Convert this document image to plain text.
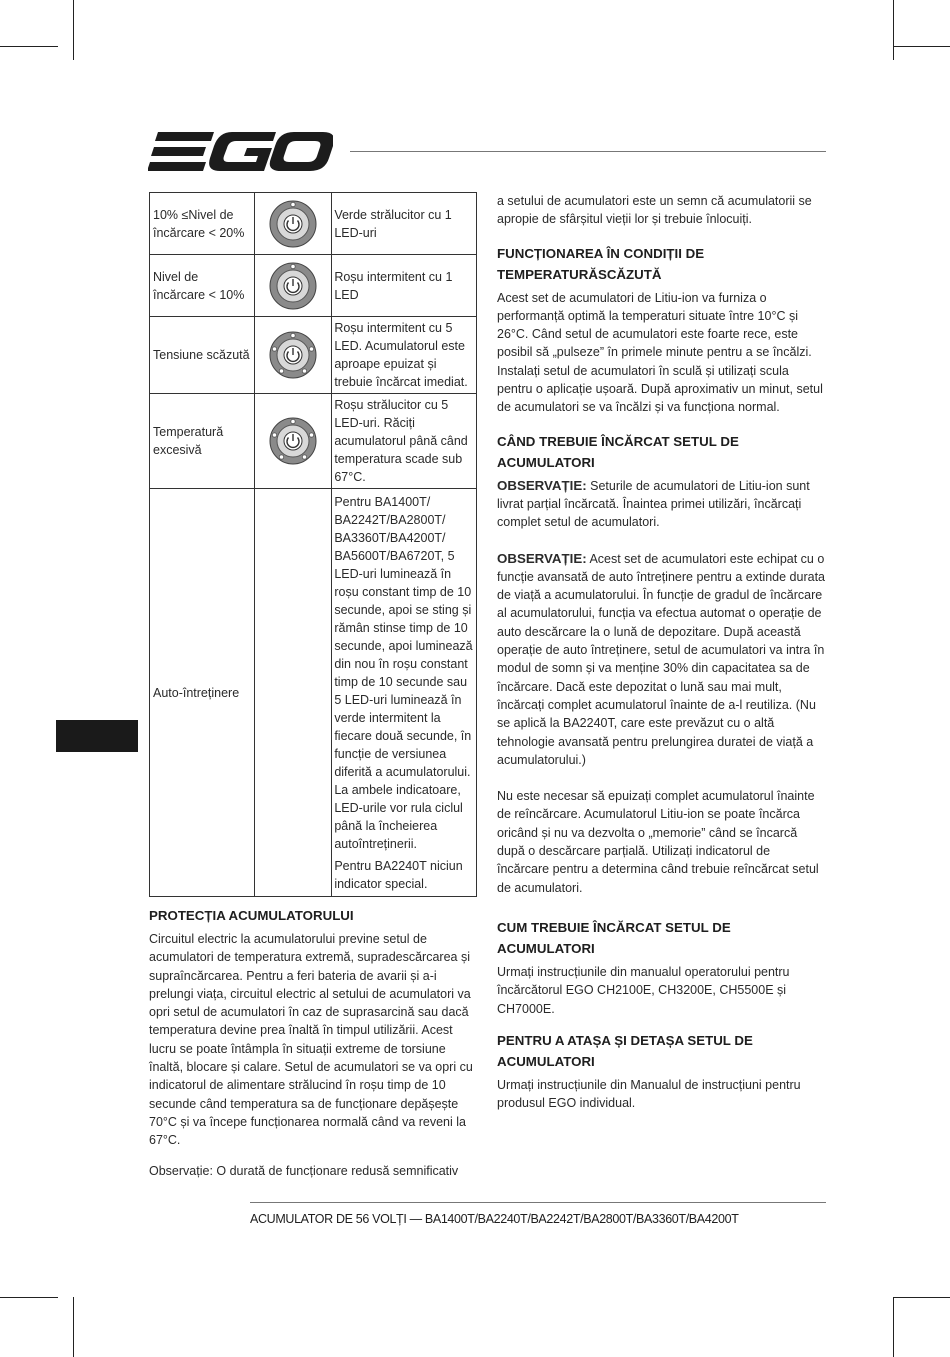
10% ≤Nivel de încărcare < 20%		Verde strălucitor cu 1 LED-uri

Nivel de încărcare < 10%		Roșu intermitent cu 1 LED

Tensiune scăzută		Roșu intermitent cu 5 LED. Acumulatorul este aproape epuizat și trebuie încărcat imediat.

Temperatură excesivă		Roșu strălucitor cu 5 LED-uri. Răciți acumulatorul până când temperatura scade sub 67°C.

Auto-întreținere		Pentru BA1400T/ BA2242T/BA2800T/ BA3360T/BA4200T/ BA5600T/BA6720T, 5 LED-uri luminează în roșu constant timp de 10 secunde, apoi se sting și rămân stinse timp de 10 secunde, apoi luminează din nou în roșu constant timp de 10 secunde sau 5 LED-uri luminează în verde intermitent la fiecare două secunde, în funcție de versiunea diferită a acumulatorului. La ambele indicatoare, LED-urile vor rula ciclul până la încheierea autoîntreținerii.

Pentru BA2240T niciun indicator special.

PROTECȚIA ACUMULATORULUI

Circuitul electric la acumulatorului previne setul de acumulatori de temperatura extremă, supradescărcarea și supraîncărcarea. Pentru a feri bateria de avarii și a-i prelungi viața, circuitul electric al setului de acumulatori va opri setul de acumulatori în caz de suprasarcină sau dacă temperatura devine prea înaltă în timpul utilizării. Acest lucru se poate întâmpla în situații extreme de torsiune înaltă, blocare și calare. Setul de acumulatori se va opri cu indicatorul de alimentare strălucind în roșu timp de 10 secunde când temperatura sa de funcționare depășește 70°C și va începe funcționarea normală când va reveni la 67°C.

Observație: O durată de funcționare redusă semnificativ

a setului de acumulatori este un semn că acumulatorii se apropie de sfârșitul vieții lor și trebuie înlocuiți.

FUNCȚIONAREA ÎN CONDIȚII DE TEMPERATURĂSCĂZUTĂ

Acest set de acumulatori de Litiu-ion va furniza o performanță optimă la temperaturi situate între 10°C și 26°C. Când setul de acumulatori este foarte rece, este posibil să „pulseze” în primele minute pentru a se încălzi. Instalați setul de acumulatori în sculă și utilizați scula pentru o aplicație ușoară. După aproximativ un minut, setul de acumulatori se va încălzi și va funcționa normal.

CÂND TREBUIE ÎNCĂRCAT SETUL DE ACUMULATORI

OBSERVAȚIE: Seturile de acumulatori de Litiu-ion sunt livrat parțial încărcată. Înaintea primei utilizări, încărcați complet setul de acumulatori.

OBSERVAȚIE: Acest set de acumulatori este echipat cu o funcție avansată de auto întreținere pentru a extinde durata de viață a acumulatorului. În funcție de gradul de încărcare al acumulatorului, funcția va efectua automat o operație de auto descărcare la o lună de depozitare. După această operație de auto întreținere, setul de acumulatori va intra în modul de somn și va menține 30% din capacitatea sa de încărcare. Dacă este depozitat o lună sau mai mult, încărcați complet acumulatorul înainte de a-l reutiliza. (Nu se aplică la BA2240T, care este prevăzut cu o altă tehnologie avansată pentru prelungirea duratei de viață a acumulatorului.)

Nu este necesar să epuizați complet acumulatorul înainte de reîncărcare. Acumulatorul Litiu-ion se poate încărca oricând și nu va dezvolta o „memorie” când se încarcă după o descărcare parțială. Utilizați indicatorul de încărcare pentru a determina când trebuie reîncărcat setul de acumulatori.

CUM TREBUIE ÎNCĂRCAT SETUL DE ACUMULATORI

Urmați instrucțiunile din manualul operatorului pentru încărcătorul EGO CH2100E, CH3200E, CH5500E și CH7000E.

PENTRU A ATAȘA ȘI DETAȘA SETUL DE ACUMULATORI

Urmați instrucțiunile din Manualul de instrucțiuni pentru produsul EGO individual.

ACUMULATOR DE 56 VOLȚI — BA1400T/BA2240T/BA2242T/BA2800T/BA3360T/BA4200T
